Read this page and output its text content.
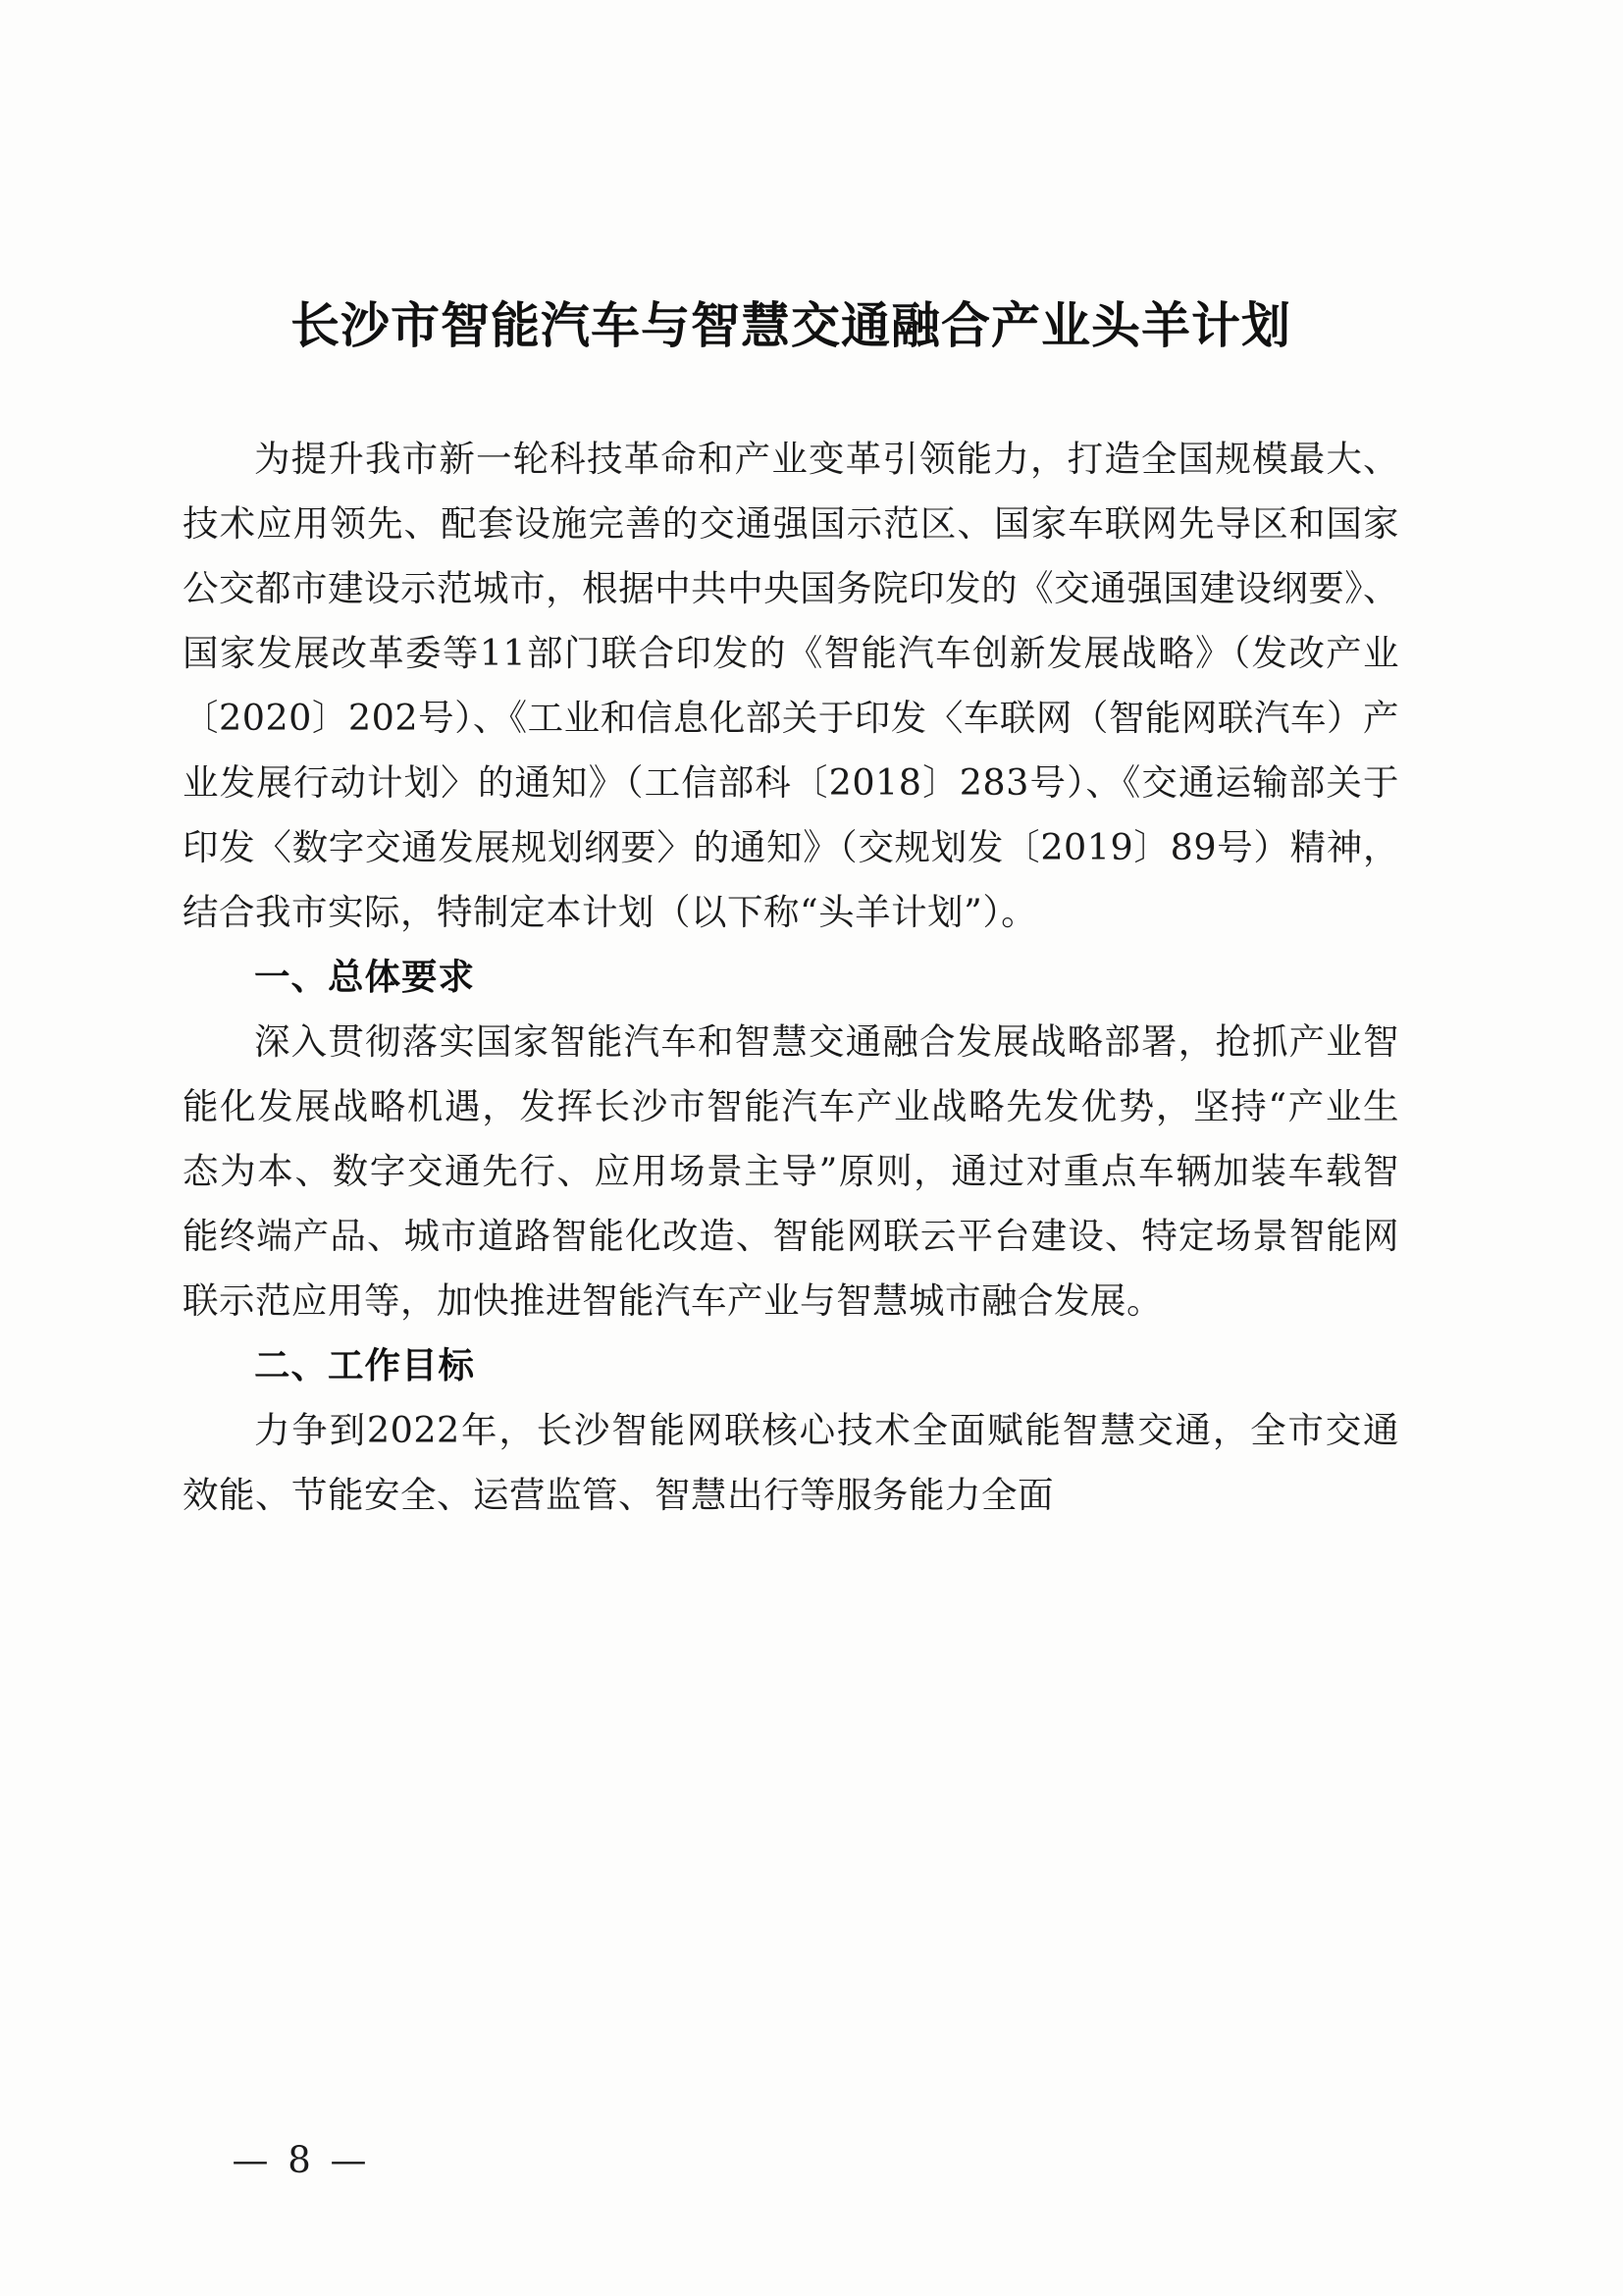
长沙市智能汽车与智慧交通融合产业头羊计划

为提升我市新一轮科技革命和产业变革引领能力，打造全国规模最大、技术应用领先、配套设施完善的交通强国示范区、国家车联网先导区和国家公交都市建设示范城市，根据中共中央国务院印发的《交通强国建设纲要》、国家发展改革委等11部门联合印发的《智能汽车创新发展战略》（发改产业〔2020〕202号）、《工业和信息化部关于印发〈车联网（智能网联汽车）产业发展行动计划〉的通知》（工信部科〔2018〕283号）、《交通运输部关于印发〈数字交通发展规划纲要〉的通知》（交规划发〔2019〕89号）精神，结合我市实际，特制定本计划（以下称“头羊计划”）。

一、总体要求

深入贯彻落实国家智能汽车和智慧交通融合发展战略部署，抢抓产业智能化发展战略机遇，发挥长沙市智能汽车产业战略先发优势，坚持“产业生态为本、数字交通先行、应用场景主导”原则，通过对重点车辆加装车载智能终端产品、城市道路智能化改造、智能网联云平台建设、特定场景智能网联示范应用等，加快推进智能汽车产业与智慧城市融合发展。

二、工作目标

力争到2022年，长沙智能网联核心技术全面赋能智慧交通，全市交通效能、节能安全、运营监管、智慧出行等服务能力全面

— 8 —
